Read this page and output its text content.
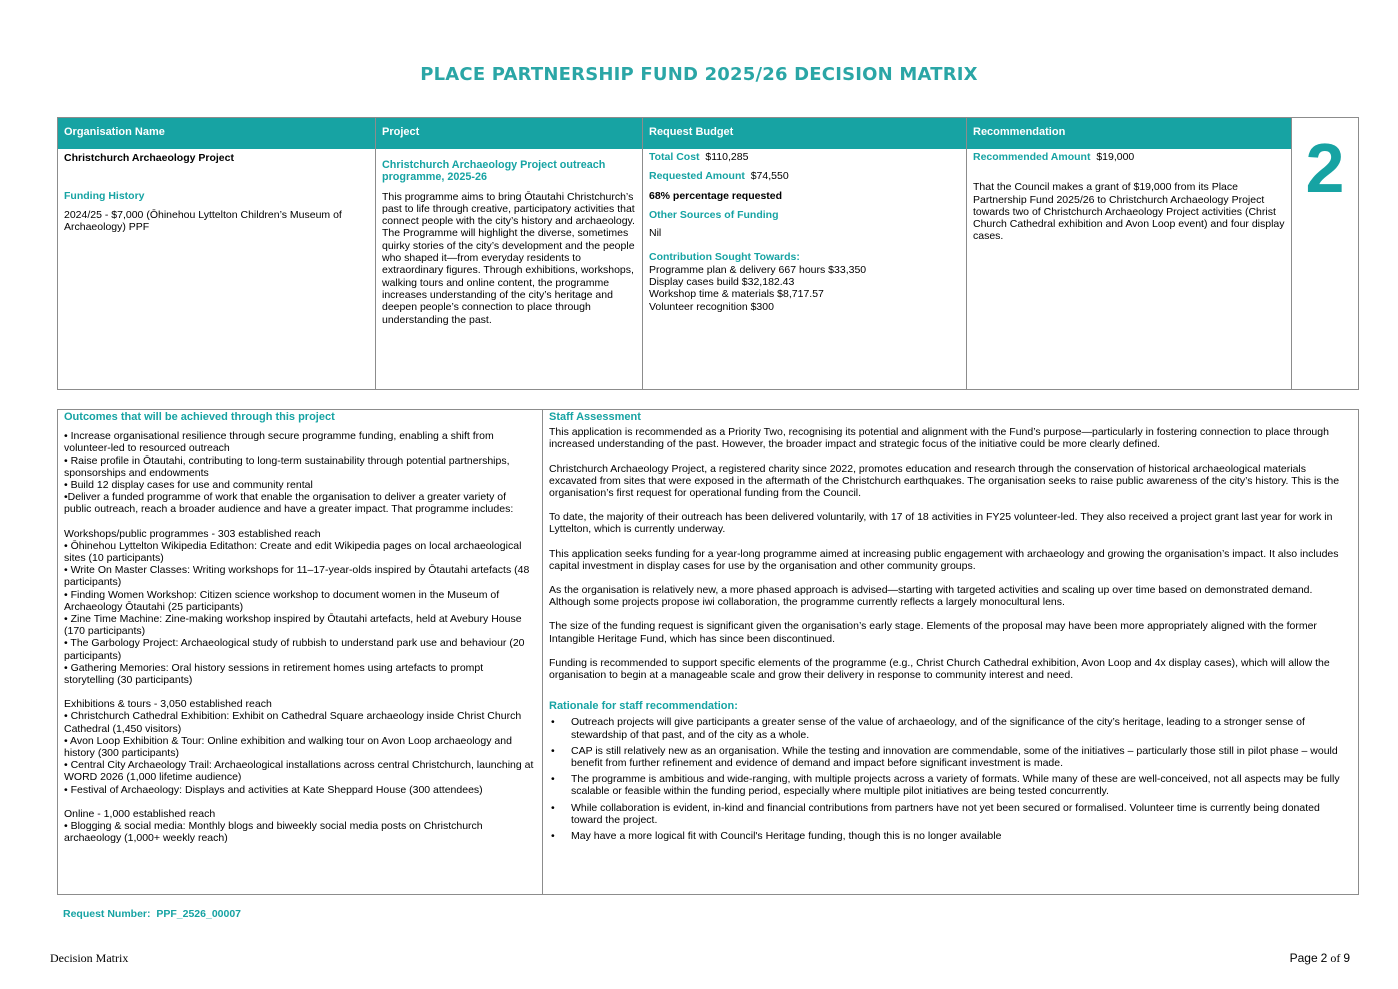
PLACE PARTNERSHIP FUND 2025/26 DECISION MATRIX
Organisation Name

Christchurch Archaeology Project

Funding History

2024/25 - $7,000 (Ōhinehou Lyttelton Children’s Museum of Archaeology) PPF

Project

Christchurch Archaeology Project outreach programme, 2025-26

This programme aims to bring Ōtautahi Christchurch’s past to life through creative, participatory activities that connect people with the city’s history and archaeology. The Programme will highlight the diverse, sometimes quirky stories of the city’s development and the people who shaped it—from everyday residents to extraordinary figures. Through exhibitions, workshops, walking tours and online content, the programme increases understanding of the city’s heritage and deepen people’s connection to place through understanding the past.

Request Budget

Total Cost $110,285

Requested Amount $74,550

68% percentage requested

Other Sources of Funding

Nil

Contribution Sought Towards:

Programme plan & delivery 667 hours $33,350

Display cases build $32,182.43

Workshop time & materials $8,717.57

Volunteer recognition $300

Recommendation

Recommended Amount $19,000

That the Council makes a grant of $19,000 from its Place Partnership Fund 2025/26 to Christchurch Archaeology Project towards two of Christchurch Archaeology Project activities (Christ Church Cathedral exhibition and Avon Loop event) and four display cases.

2

Outcomes that will be achieved through this project

• Increase organisational resilience through secure programme funding, enabling a shift from volunteer-led to resourced outreach

• Raise profile in Ōtautahi, contributing to long-term sustainability through potential partnerships, sponsorships and endowments

• Build 12 display cases for use and community rental

•Deliver a funded programme of work that enable the organisation to deliver a greater variety of public outreach, reach a broader audience and have a greater impact. That programme includes:

Workshops/public programmes - 303 established reach

• Ōhinehou Lyttelton Wikipedia Editathon: Create and edit Wikipedia pages on local archaeological sites (10 participants)

• Write On Master Classes: Writing workshops for 11–17-year-olds inspired by Ōtautahi artefacts (48 participants)

• Finding Women Workshop: Citizen science workshop to document women in the Museum of Archaeology Ōtautahi (25 participants)

• Zine Time Machine: Zine-making workshop inspired by Ōtautahi artefacts, held at Avebury House (170 participants)

• The Garbology Project: Archaeological study of rubbish to understand park use and behaviour (20 participants)

• Gathering Memories: Oral history sessions in retirement homes using artefacts to prompt storytelling (30 participants)

Exhibitions & tours - 3,050 established reach

• Christchurch Cathedral Exhibition: Exhibit on Cathedral Square archaeology inside Christ Church Cathedral (1,450 visitors)

• Avon Loop Exhibition & Tour: Online exhibition and walking tour on Avon Loop archaeology and history (300 participants)

• Central City Archaeology Trail: Archaeological installations across central Christchurch, launching at WORD 2026 (1,000 lifetime audience)

• Festival of Archaeology: Displays and activities at Kate Sheppard House (300 attendees)

Online - 1,000 established reach

• Blogging & social media: Monthly blogs and biweekly social media posts on Christchurch archaeology (1,000+ weekly reach)

Staff Assessment

This application is recommended as a Priority Two, recognising its potential and alignment with the Fund’s purpose—particularly in fostering connection to place through increased understanding of the past. However, the broader impact and strategic focus of the initiative could be more clearly defined.

Christchurch Archaeology Project, a registered charity since 2022, promotes education and research through the conservation of historical archaeological materials excavated from sites that were exposed in the aftermath of the Christchurch earthquakes. The organisation seeks to raise public awareness of the city’s history. This is the organisation’s first request for operational funding from the Council.

To date, the majority of their outreach has been delivered voluntarily, with 17 of 18 activities in FY25 volunteer-led. They also received a project grant last year for work in Lyttelton, which is currently underway.

This application seeks funding for a year-long programme aimed at increasing public engagement with archaeology and growing the organisation’s impact. It also includes capital investment in display cases for use by the organisation and other community groups.

As the organisation is relatively new, a more phased approach is advised—starting with targeted activities and scaling up over time based on demonstrated demand. Although some projects propose iwi collaboration, the programme currently reflects a largely monocultural lens.

The size of the funding request is significant given the organisation’s early stage. Elements of the proposal may have been more appropriately aligned with the former Intangible Heritage Fund, which has since been discontinued.

Funding is recommended to support specific elements of the programme (e.g., Christ Church Cathedral exhibition, Avon Loop and 4x display cases), which will allow the organisation to begin at a manageable scale and grow their delivery in response to community interest and need.

Rationale for staff recommendation:

• Outreach projects will give participants a greater sense of the value of archaeology, and of the significance of the city’s heritage, leading to a stronger sense of stewardship of that past, and of the city as a whole.
• CAP is still relatively new as an organisation. While the testing and innovation are commendable, some of the initiatives – particularly those still in pilot phase – would benefit from further refinement and evidence of demand and impact before significant investment is made.
• The programme is ambitious and wide-ranging, with multiple projects across a variety of formats. While many of these are well-conceived, not all aspects may be fully scalable or feasible within the funding period, especially where multiple pilot initiatives are being tested concurrently.
• While collaboration is evident, in-kind and financial contributions from partners have not yet been secured or formalised. Volunteer time is currently being donated toward the project.
• May have a more logical fit with Council's Heritage funding, though this is no longer available
Request Number: PPF_2526_00007
Decision Matrix	Page 2 of 9
